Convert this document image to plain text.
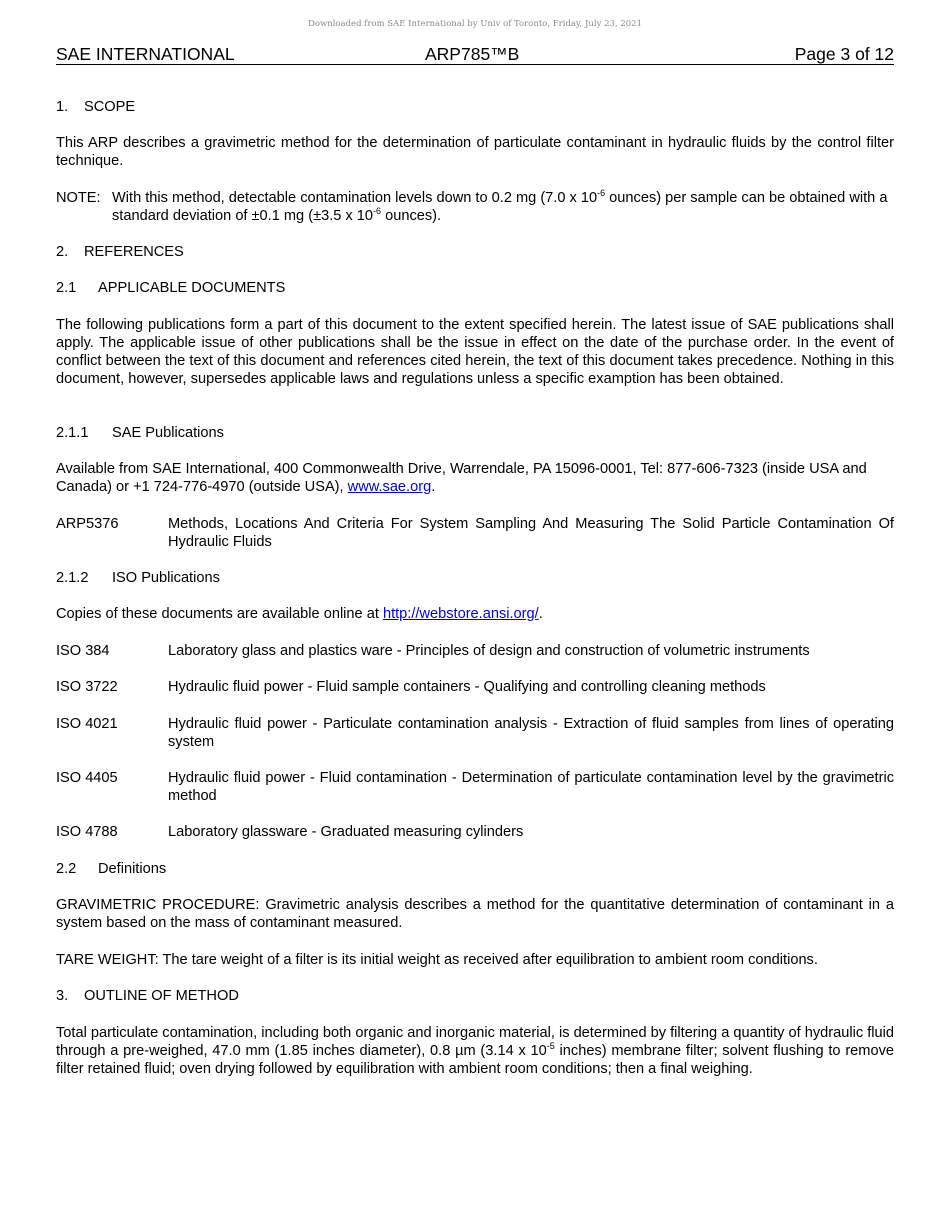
Downloaded from SAE International by Univ of Toronto, Friday, July 23, 2021
SAE INTERNATIONAL	ARP785™B	Page 3 of 12
1. SCOPE
This ARP describes a gravimetric method for the determination of particulate contaminant in hydraulic fluids by the control filter technique.
NOTE: With this method, detectable contamination levels down to 0.2 mg (7.0 x $10^{-6}$ ounces) per sample can be obtained with a standard deviation of ±0.1 mg (±3.5 x $10^{-6}$ ounces).
2. REFERENCES
2.1 APPLICABLE DOCUMENTS
The following publications form a part of this document to the extent specified herein. The latest issue of SAE publications shall apply. The applicable issue of other publications shall be the issue in effect on the date of the purchase order. In the event of conflict between the text of this document and references cited herein, the text of this document takes precedence. Nothing in this document, however, supersedes applicable laws and regulations unless a specific examption has been obtained.
2.1.1 SAE Publications
Available from SAE International, 400 Commonwealth Drive, Warrendale, PA 15096-0001, Tel: 877-606-7323 (inside USA and Canada) or +1 724-776-4970 (outside USA), www.sae.org.
ARP5376	Methods, Locations And Criteria For System Sampling And Measuring The Solid Particle Contamination Of Hydraulic Fluids
2.1.2 ISO Publications
Copies of these documents are available online at http://webstore.ansi.org/.
ISO 384	Laboratory glass and plastics ware - Principles of design and construction of volumetric instruments
ISO 3722	Hydraulic fluid power - Fluid sample containers - Qualifying and controlling cleaning methods
ISO 4021	Hydraulic fluid power - Particulate contamination analysis - Extraction of fluid samples from lines of operating system
ISO 4405	Hydraulic fluid power - Fluid contamination - Determination of particulate contamination level by the gravimetric method
ISO 4788	Laboratory glassware - Graduated measuring cylinders
2.2 Definitions
GRAVIMETRIC PROCEDURE: Gravimetric analysis describes a method for the quantitative determination of contaminant in a system based on the mass of contaminant measured.
TARE WEIGHT: The tare weight of a filter is its initial weight as received after equilibration to ambient room conditions.
3. OUTLINE OF METHOD
Total particulate contamination, including both organic and inorganic material, is determined by filtering a quantity of hydraulic fluid through a pre-weighed, 47.0 mm (1.85 inches diameter), 0.8 µm (3.14 x $10^{-5}$ inches) membrane filter; solvent flushing to remove filter retained fluid; oven drying followed by equilibration with ambient room conditions; then a final weighing.
